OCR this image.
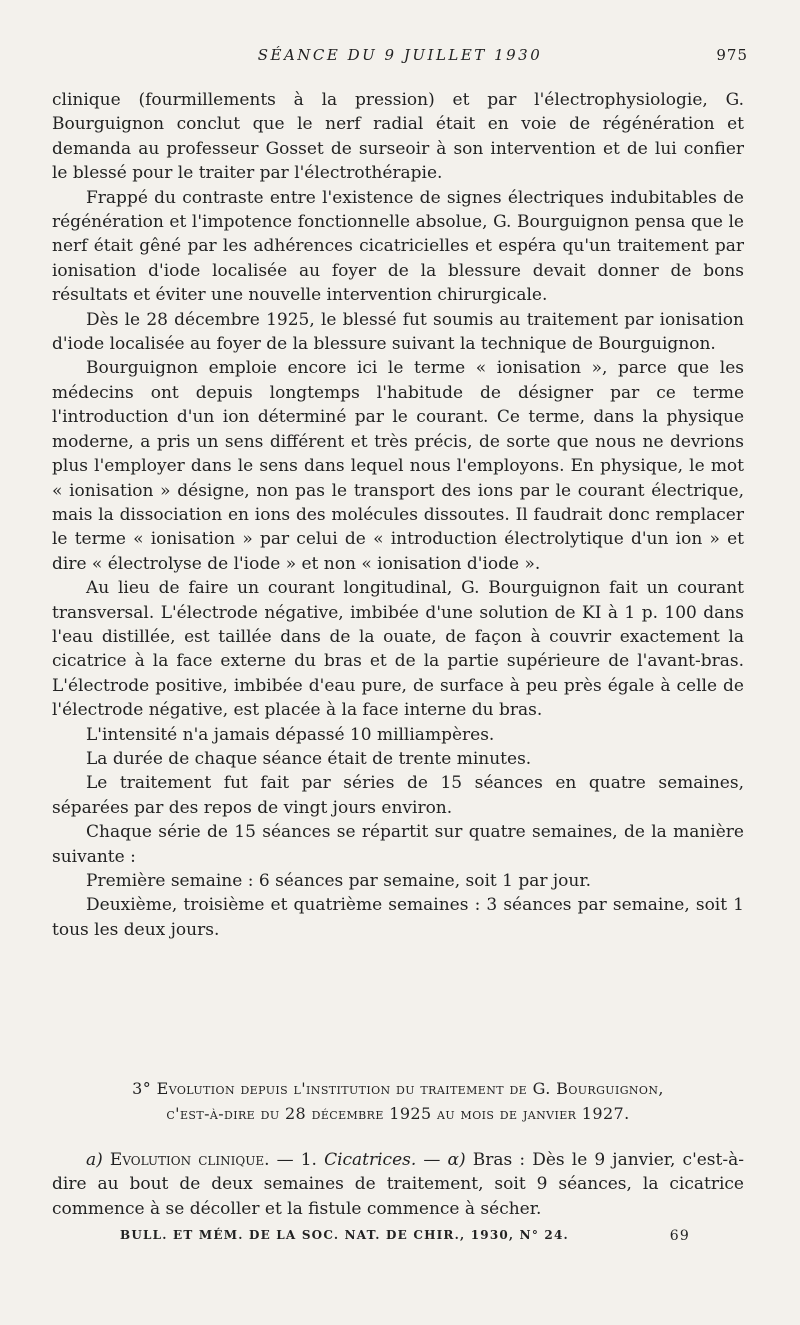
SÉANCE DU 9 JUILLET 1930	975

clinique (fourmillements à la pression) et par l'électrophysiologie, G. Bourguignon conclut que le nerf radial était en voie de régénération et demanda au professeur Gosset de surseoir à son intervention et de lui confier le blessé pour le traiter par l'électrothérapie.

Frappé du contraste entre l'existence de signes électriques indubitables de régénération et l'impotence fonctionnelle absolue, G. Bourguignon pensa que le nerf était gêné par les adhérences cicatricielles et espéra qu'un traitement par ionisation d'iode localisée au foyer de la blessure devait donner de bons résultats et éviter une nouvelle intervention chirurgicale.

Dès le 28 décembre 1925, le blessé fut soumis au traitement par ionisation d'iode localisée au foyer de la blessure suivant la technique de Bourguignon.

Bourguignon emploie encore ici le terme « ionisation », parce que les médecins ont depuis longtemps l'habitude de désigner par ce terme l'introduction d'un ion déterminé par le courant. Ce terme, dans la physique moderne, a pris un sens différent et très précis, de sorte que nous ne devrions plus l'employer dans le sens dans lequel nous l'employons. En physique, le mot « ionisation » désigne, non pas le transport des ions par le courant électrique, mais la dissociation en ions des molécules dissoutes. Il faudrait donc remplacer le terme « ionisation » par celui de « introduction électrolytique d'un ion » et dire « électrolyse de l'iode » et non « ionisation d'iode ».

Au lieu de faire un courant longitudinal, G. Bourguignon fait un courant transversal. L'électrode négative, imbibée d'une solution de KI à 1 p. 100 dans l'eau distillée, est taillée dans de la ouate, de façon à couvrir exactement la cicatrice à la face externe du bras et de la partie supérieure de l'avant-bras. L'électrode positive, imbibée d'eau pure, de surface à peu près égale à celle de l'électrode négative, est placée à la face interne du bras.

L'intensité n'a jamais dépassé 10 milliampères.

La durée de chaque séance était de trente minutes.

Le traitement fut fait par séries de 15 séances en quatre semaines, séparées par des repos de vingt jours environ.

Chaque série de 15 séances se répartit sur quatre semaines, de la manière suivante :

Première semaine : 6 séances par semaine, soit 1 par jour.

Deuxième, troisième et quatrième semaines : 3 séances par semaine, soit 1 tous les deux jours.

3° Evolution depuis l'institution du traitement de G. Bourguignon,
c'est-à-dire du 28 décembre 1925 au mois de janvier 1927.

a) Evolution clinique. — 1. Cicatrices. — α) Bras : Dès le 9 janvier, c'est-à-dire au bout de deux semaines de traitement, soit 9 séances, la cicatrice commence à se décoller et la fistule commence à sécher.

BULL. ET MÉM. DE LA SOC. NAT. DE CHIR., 1930, N° 24.	69
